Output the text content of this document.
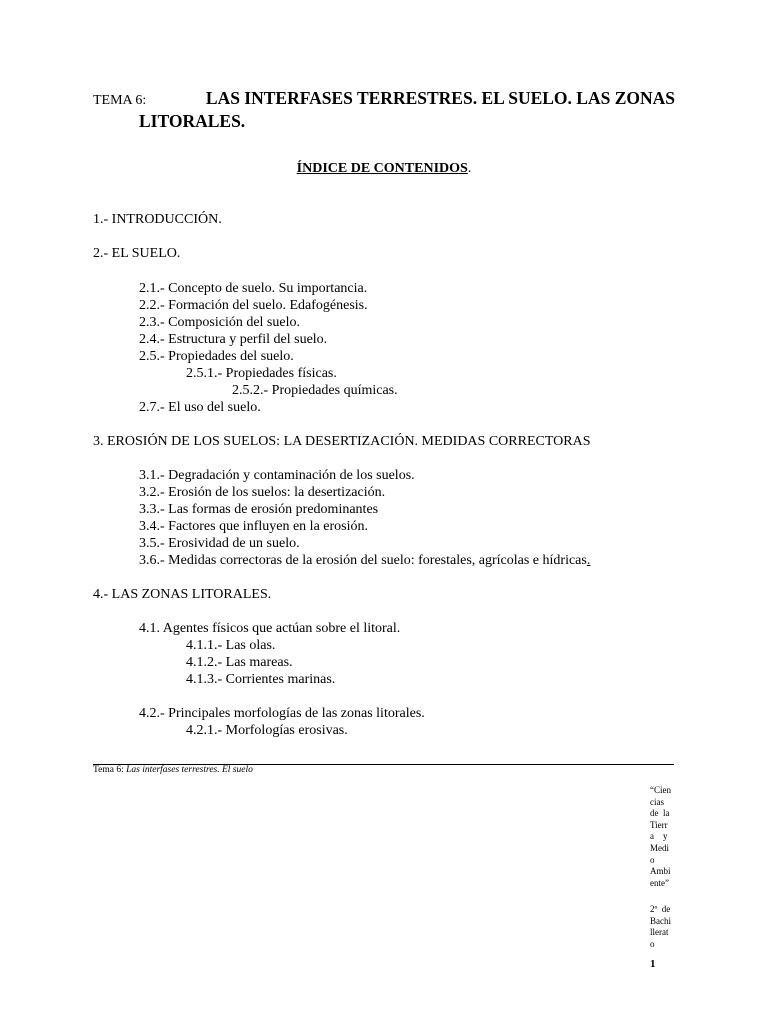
TEMA 6:	LAS INTERFASES TERRESTRES. EL SUELO. LAS ZONAS
LITORALES.
ÍNDICE DE CONTENIDOS.
1.- INTRODUCCIÓN.
2.- EL SUELO.
2.1.- Concepto de suelo. Su importancia.
2.2.- Formación del suelo. Edafogénesis.
2.3.- Composición del suelo.
2.4.- Estructura y perfil del suelo.
2.5.- Propiedades del suelo.
2.5.1.- Propiedades físicas.
2.5.2.- Propiedades químicas.
2.7.- El uso del suelo.
3. EROSIÓN DE LOS SUELOS: LA DESERTIZACIÓN. MEDIDAS CORRECTORAS
3.1.- Degradación y contaminación de los suelos.
3.2.- Erosión de los suelos: la desertización.
3.3.- Las formas de erosión predominantes
3.4.- Factores que influyen en la erosión.
3.5.- Erosividad de un suelo.
3.6.- Medidas correctoras de la erosión del suelo: forestales, agrícolas e hídricas.
4.- LAS ZONAS LITORALES.
4.1. Agentes físicos que actúan sobre el litoral.
4.1.1.- Las olas.
4.1.2.- Las mareas.
4.1.3.- Corrientes marinas.
4.2.- Principales morfologías de las zonas litorales.
4.2.1.- Morfologías erosivas.
Tema 6: Las interfases terrestres. El suelo
“Cien
cias
de  la
Tierr
a    y
Medi
o
Ambi
ente”
2º  de
Bachi
llerat
o
1
